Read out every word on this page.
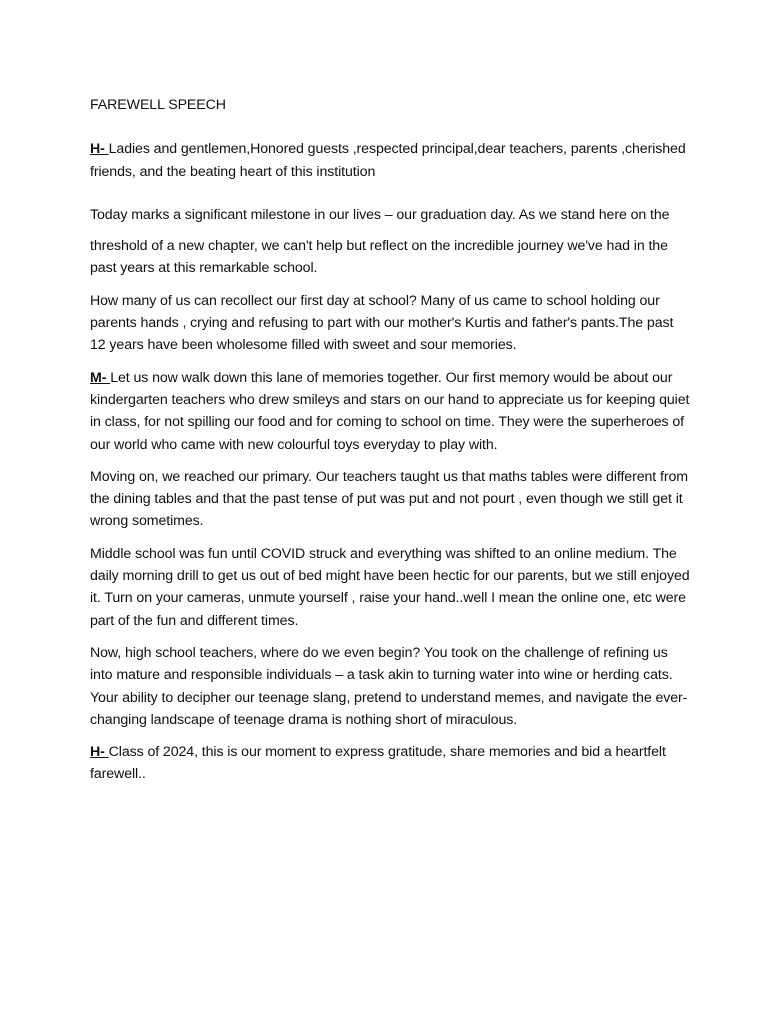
FAREWELL SPEECH

H- Ladies and gentlemen,Honored guests ,respected principal,dear teachers, parents ,cherished friends, and the beating heart of this institution

Today marks a significant milestone in our lives – our graduation day. As we stand here on the

threshold of a new chapter, we can't help but reflect on the incredible journey we've had in the past years at this remarkable school.

How many of us can recollect our first day at school? Many of us came to school holding our parents hands , crying and refusing to part with our mother's Kurtis and father's pants.The past 12 years have been wholesome filled with sweet and sour memories.

M- Let us now walk down this lane of memories together. Our first memory would be about our kindergarten teachers who drew smileys and stars on our hand to appreciate us for keeping quiet in class, for not spilling our food and for coming to school on time. They were the superheroes of our world who came with new colourful toys everyday to play with.

Moving on, we reached our primary. Our teachers taught us that maths tables were different from the dining tables and that the past tense of put was put and not pourt , even though we still get it wrong sometimes.

Middle school was fun until COVID struck and everything was shifted to an online medium. The daily morning drill to get us out of bed might have been hectic for our parents, but we still enjoyed it. Turn on your cameras, unmute yourself , raise your hand..well I mean the online one, etc were part of the fun and different times.

Now, high school teachers, where do we even begin? You took on the challenge of refining us into mature and responsible individuals – a task akin to turning water into wine or herding cats. Your ability to decipher our teenage slang, pretend to understand memes, and navigate the ever-changing landscape of teenage drama is nothing short of miraculous.

H- Class of 2024, this is our moment to express gratitude, share memories and bid a heartfelt farewell..
